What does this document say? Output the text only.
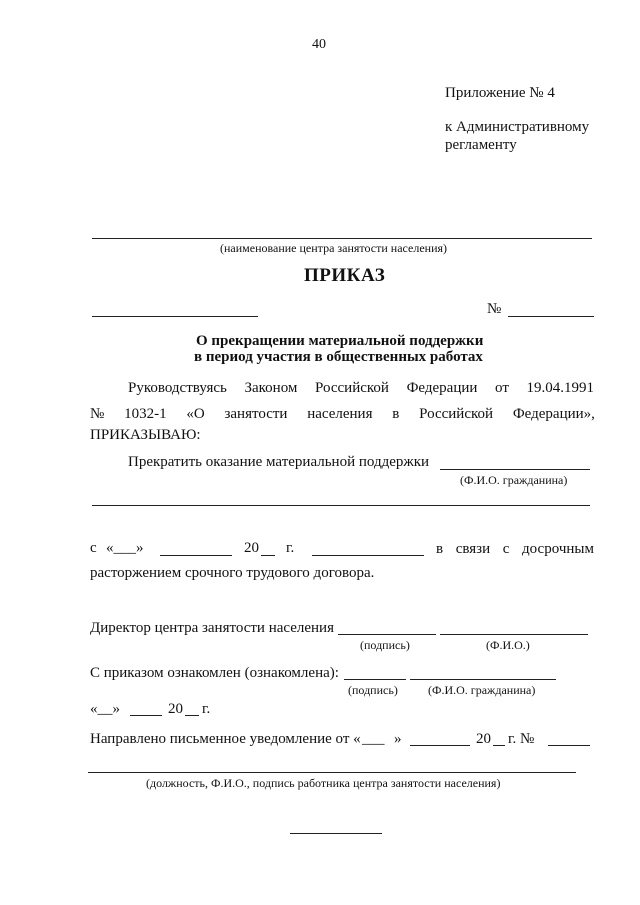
40
Приложение № 4
к Административному
регламенту
(наименование центра занятости населения)
ПРИКАЗ
№
О прекращении материальной поддержки
в период участия в общественных работах
Руководствуясь Законом Российской Федерации от 19.04.1991
№ 1032-1 «О занятости населения в Российской Федерации»,
ПРИКАЗЫВАЮ:
Прекратить оказание материальной поддержки
(Ф.И.О. гражданина)
с «___»	20 г.	в связи с досрочным
расторжением срочного трудового договора.
Директор центра занятости населения
(подпись)	(Ф.И.О.)
С приказом ознакомлен (ознакомлена):
(подпись)	(Ф.И.О. гражданина)
«__»	20 г.
Направлено письменное уведомление от « ___ »	20 г. №
(должность, Ф.И.О., подпись работника центра занятости населения)
